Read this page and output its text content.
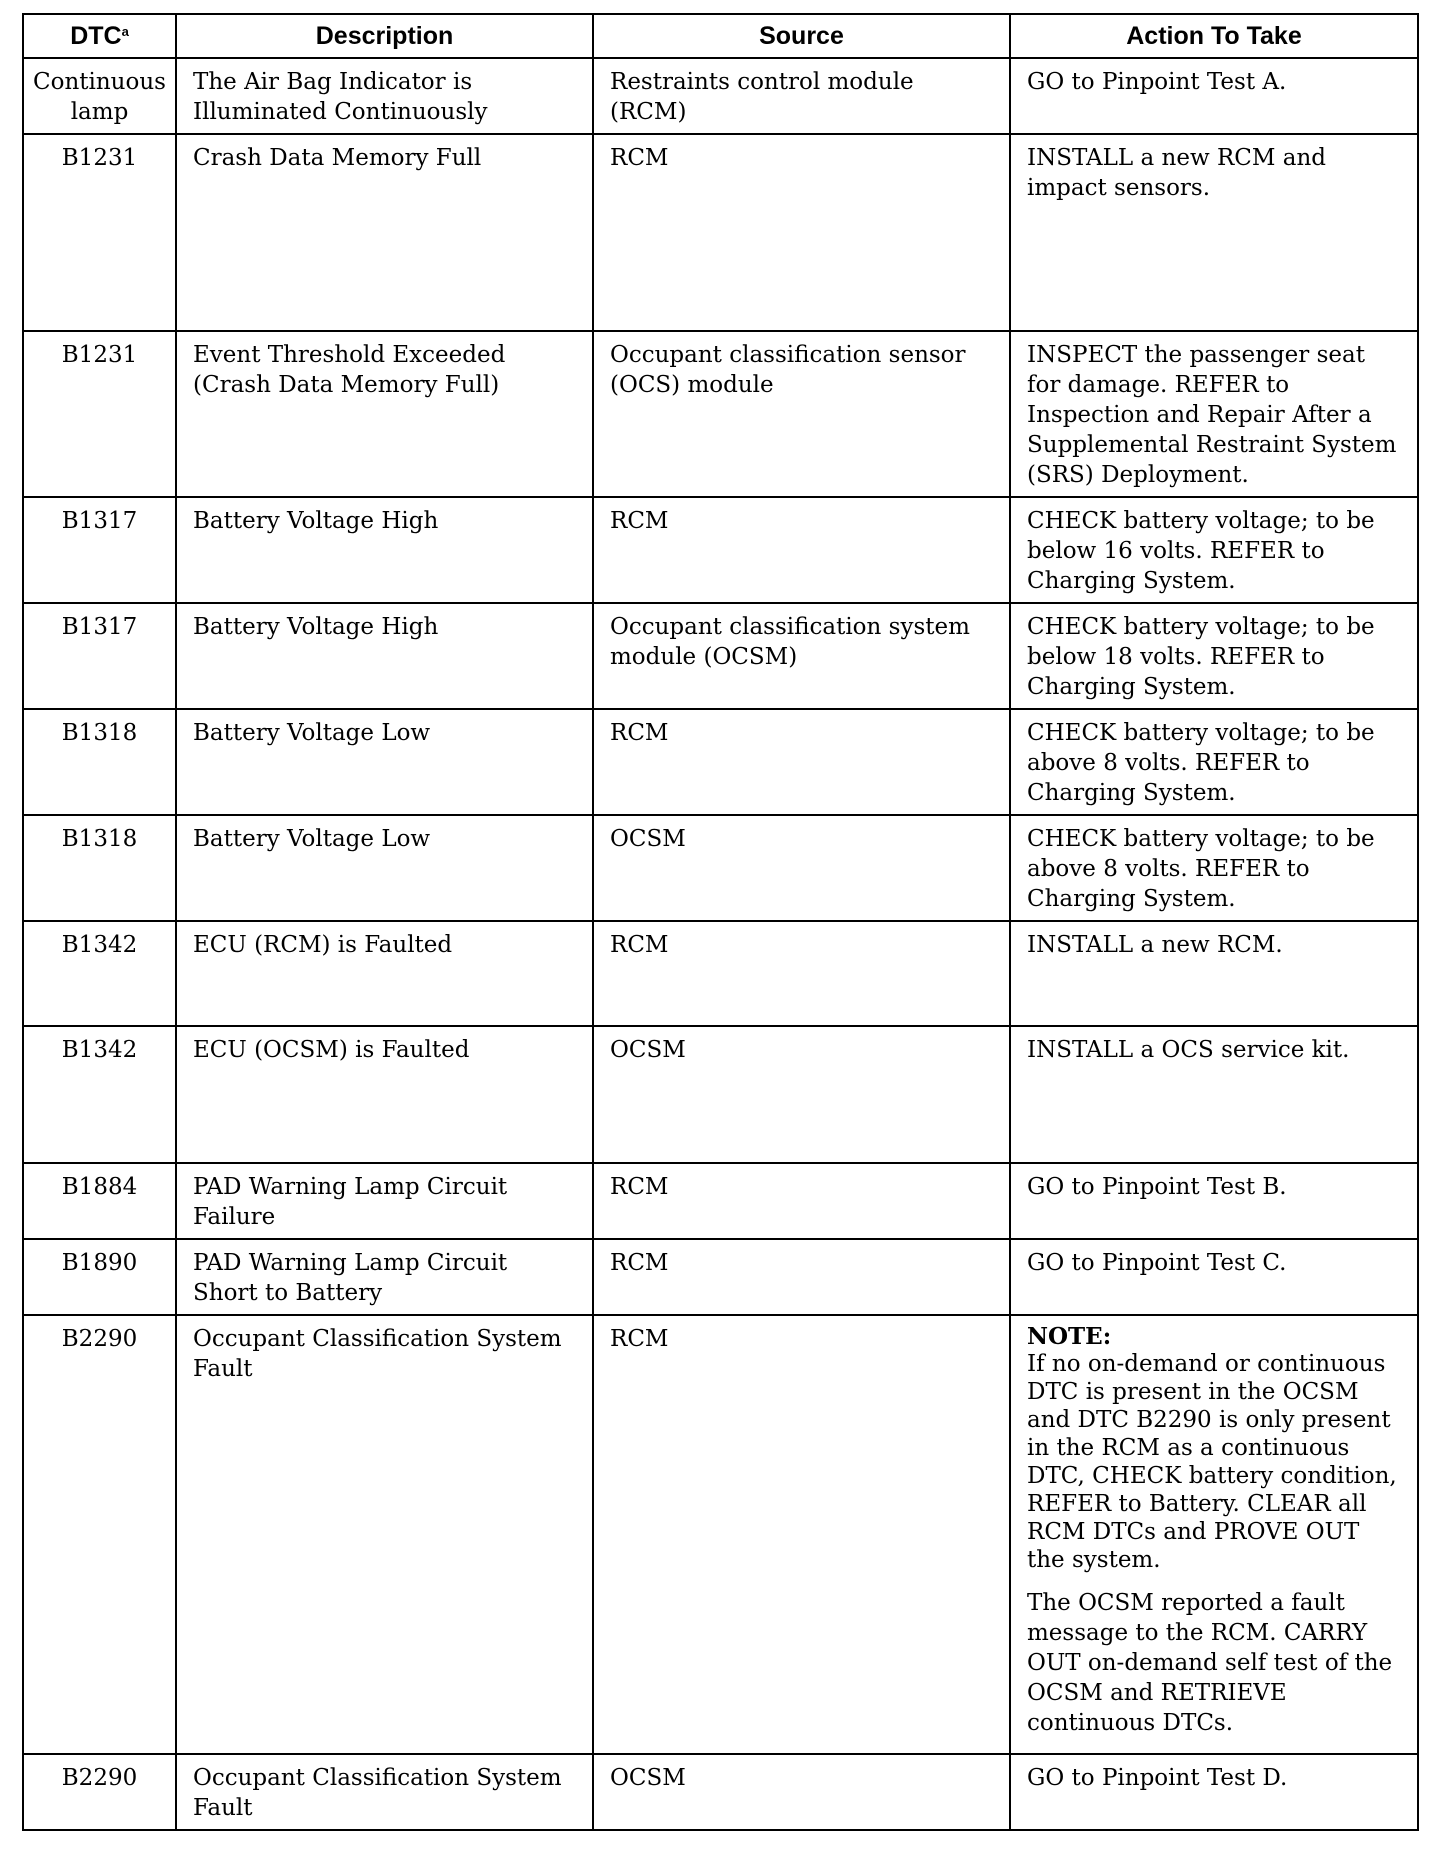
DTC$^a$	Description	Source	Action To Take
Continuous lamp	The Air Bag Indicator is Illuminated Continuously	Restraints control module (RCM)	GO to Pinpoint Test A.
B1231	Crash Data Memory Full	RCM	INSTALL a new RCM and impact sensors.
B1231	Event Threshold Exceeded (Crash Data Memory Full)	Occupant classification sensor (OCS) module	INSPECT the passenger seat for damage. REFER to Inspection and Repair After a Supplemental Restraint System (SRS) Deployment.
B1317	Battery Voltage High	RCM	CHECK battery voltage; to be below 16 volts. REFER to Charging System.
B1317	Battery Voltage High	Occupant classification system module (OCSM)	CHECK battery voltage; to be below 18 volts. REFER to Charging System.
B1318	Battery Voltage Low	RCM	CHECK battery voltage; to be above 8 volts. REFER to Charging System.
B1318	Battery Voltage Low	OCSM	CHECK battery voltage; to be above 8 volts. REFER to Charging System.
B1342	ECU (RCM) is Faulted	RCM	INSTALL a new RCM.
B1342	ECU (OCSM) is Faulted	OCSM	INSTALL a OCS service kit.
B1884	PAD Warning Lamp Circuit Failure	RCM	GO to Pinpoint Test B.
B1890	PAD Warning Lamp Circuit Short to Battery	RCM	GO to Pinpoint Test C.
B2290	Occupant Classification System Fault	RCM	NOTE:
If no on-demand or continuous DTC is present in the OCSM and DTC B2290 is only present in the RCM as a continuous DTC, CHECK battery condition, REFER to Battery. CLEAR all RCM DTCs and PROVE OUT the system.
The OCSM reported a fault message to the RCM. CARRY OUT on-demand self test of the OCSM and RETRIEVE continuous DTCs.

B2290	Occupant Classification System Fault	OCSM	GO to Pinpoint Test D.
